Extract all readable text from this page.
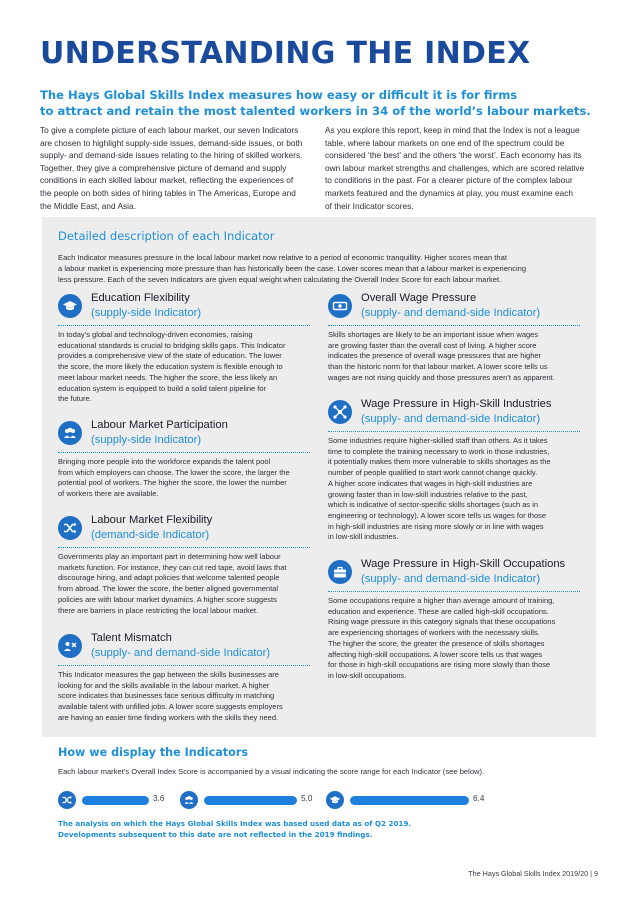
UNDERSTANDING THE INDEX
The Hays Global Skills Index measures how easy or difficult it is for firms
to attract and retain the most talented workers in 34 of the world’s labour markets.
To give a complete picture of each labour market, our seven Indicators
are chosen to highlight supply-side issues, demand-side issues, or both
supply- and demand-side issues relating to the hiring of skilled workers.
Together, they give a comprehensive picture of demand and supply
conditions in each skilled labour market, reflecting the experiences of
the people on both sides of hiring tables in The Americas, Europe and
the Middle East, and Asia.
As you explore this report, keep in mind that the Index is not a league
table, where labour markets on one end of the spectrum could be
considered ‘the best’ and the others ‘the worst’. Each economy has its
own labour market strengths and challenges, which are scored relative
to conditions in the past. For a clearer picture of the complex labour
markets featured and the dynamics at play, you must examine each
of their Indicator scores.
Detailed description of each Indicator
Each Indicator measures pressure in the local labour market now relative to a period of economic tranquillity. Higher scores mean that
a labour market is experiencing more pressure than has historically been the case. Lower scores mean that a labour market is experiencing
less pressure. Each of the seven Indicators are given equal weight when calculating the Overall Index Score for each labour market.
Education Flexibility
(supply-side Indicator)
In today’s global and technology-driven economies, raising
educational standards is crucial to bridging skills gaps. This Indicator
provides a comprehensive view of the state of education. The lower
the score, the more likely the education system is flexible enough to
meet labour market needs. The higher the score, the less likely an
education system is equipped to build a solid talent pipeline for
the future.
Labour Market Participation
(supply-side Indicator)
Bringing more people into the workforce expands the talent pool
from which employers can choose. The lower the score, the larger the
potential pool of workers. The higher the score, the lower the number
of workers there are available.
Labour Market Flexibility
(demand-side Indicator)
Governments play an important part in determining how well labour
markets function. For instance, they can cut red tape, avoid laws that
discourage hiring, and adapt policies that welcome talented people
from abroad. The lower the score, the better aligned governmental
policies are with labour market dynamics. A higher score suggests
there are barriers in place restricting the local labour market.
Talent Mismatch
(supply- and demand-side Indicator)
This Indicator measures the gap between the skills businesses are
looking for and the skills available in the labour market. A higher
score indicates that businesses face serious difficulty in matching
available talent with unfilled jobs. A lower score suggests employers
are having an easier time finding workers with the skills they need.
Overall Wage Pressure
(supply- and demand-side Indicator)
Skills shortages are likely to be an important issue when wages
are growing faster than the overall cost of living. A higher score
indicates the presence of overall wage pressures that are higher
than the historic norm for that labour market. A lower score tells us
wages are not rising quickly and those pressures aren’t as apparent.
Wage Pressure in High-Skill Industries
(supply- and demand-side Indicator)
Some industries require higher-skilled staff than others. As it takes
time to complete the training necessary to work in those industries,
it potentially makes them more vulnerable to skills shortages as the
number of people qualified to start work cannot change quickly.
A higher score indicates that wages in high-skill industries are
growing faster than in low-skill industries relative to the past,
which is indicative of sector-specific skills shortages (such as in
engineering or technology). A lower score tells us wages for those
in high-skill industries are rising more slowly or in line with wages
in low-skill industries.
Wage Pressure in High-Skill Occupations
(supply- and demand-side Indicator)
Some occupations require a higher than average amount of training,
education and experience. These are called high-skill occupations.
Rising wage pressure in this category signals that these occupations
are experiencing shortages of workers with the necessary skills.
The higher the score, the greater the presence of skills shortages
affecting high-skill occupations. A lower score tells us that wages
for those in high-skill occupations are rising more slowly than those
in low-skill occupations.
How we display the Indicators
Each labour market’s Overall Index Score is accompanied by a visual indicating the score range for each Indicator (see below).
3.6	5.0	6.4
The analysis on which the Hays Global Skills Index was based used data as of Q2 2019.
Developments subsequent to this date are not reflected in the 2019 findings.
The Hays Global Skills Index 2019/20 | 9
